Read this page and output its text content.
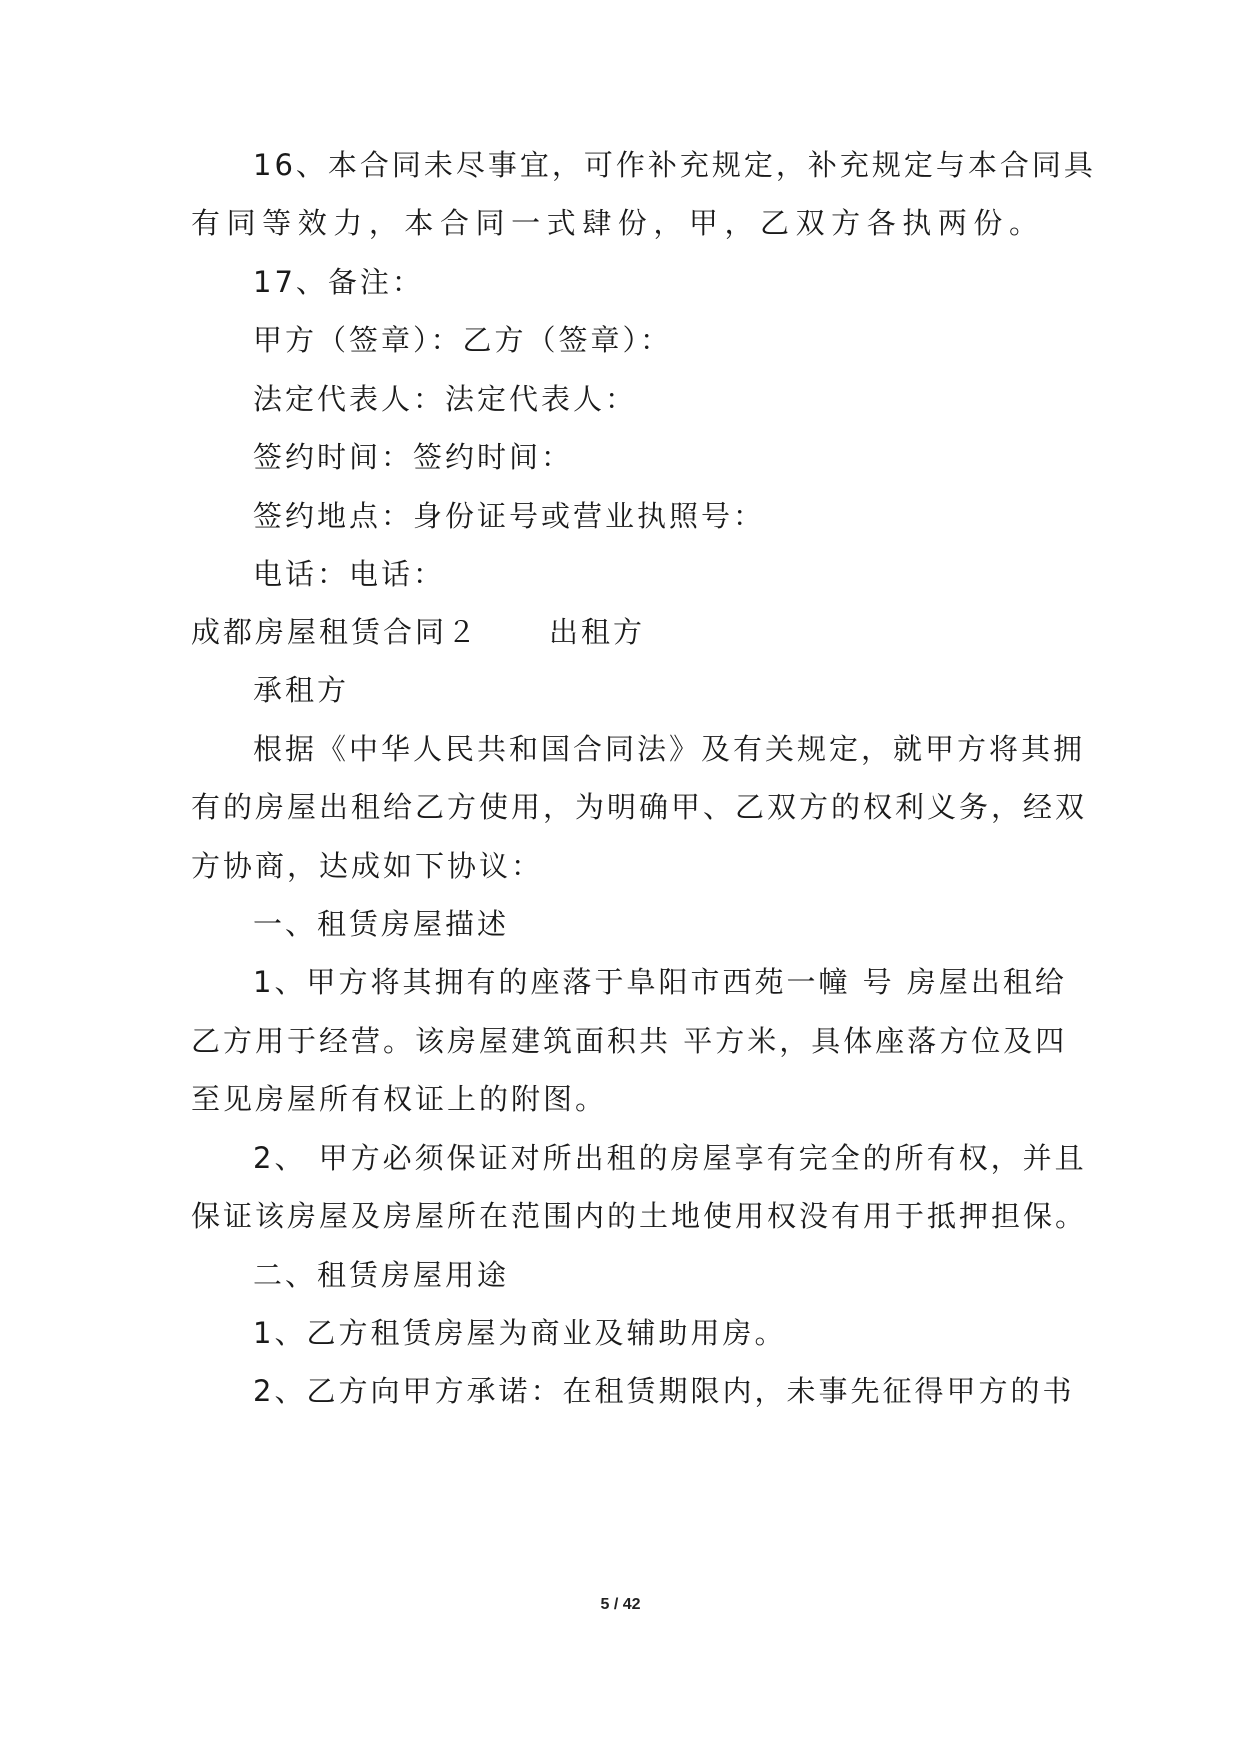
16、本合同未尽事宜，可作补充规定，补充规定与本合同具
有同等效力，本合同一式肆份，甲，乙双方各执两份。
17、备注：
甲方（签章）：乙方（签章）：
法定代表人：法定代表人：
签约时间：签约时间：
签约地点：身份证号或营业执照号：
电话：电话：
成都房屋租赁合同２ 出租方
承租方
根据《中华人民共和国合同法》及有关规定，就甲方将其拥
有的房屋出租给乙方使用，为明确甲、乙双方的权利义务，经双
方协商，达成如下协议：
一、租赁房屋描述
1、甲方将其拥有的座落于阜阳市西苑一幢 号 房屋出租给
乙方用于经营。该房屋建筑面积共 平方米，具体座落方位及四
至见房屋所有权证上的附图。
2、 甲方必须保证对所出租的房屋享有完全的所有权，并且
保证该房屋及房屋所在范围内的土地使用权没有用于抵押担保。
二、租赁房屋用途
1、乙方租赁房屋为商业及辅助用房。
2、乙方向甲方承诺：在租赁期限内，未事先征得甲方的书
5 / 42
